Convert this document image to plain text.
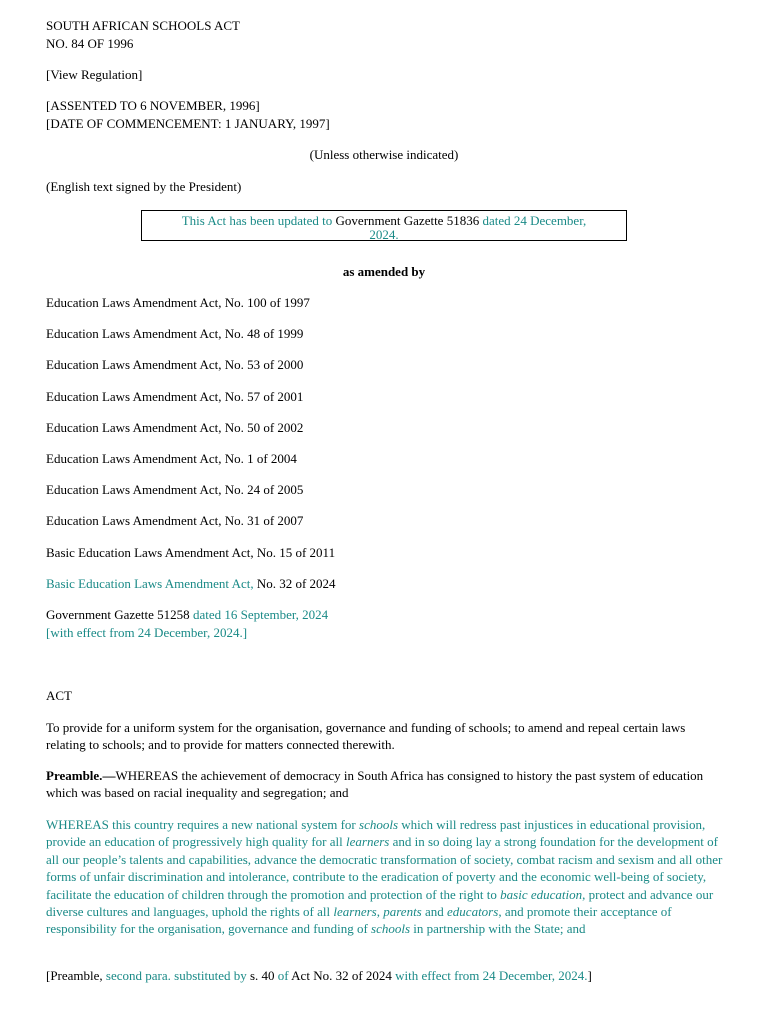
SOUTH AFRICAN SCHOOLS ACT
NO. 84 OF 1996
[View Regulation]
[ASSENTED TO 6 NOVEMBER, 1996]
[DATE OF COMMENCEMENT: 1 JANUARY, 1997]
(Unless otherwise indicated)
(English text signed by the President)
This Act has been updated to Government Gazette 51836 dated 24 December,
2024.
as amended by
Education Laws Amendment Act, No. 100 of 1997
Education Laws Amendment Act, No. 48 of 1999
Education Laws Amendment Act, No. 53 of 2000
Education Laws Amendment Act, No. 57 of 2001
Education Laws Amendment Act, No. 50 of 2002
Education Laws Amendment Act, No. 1 of 2004
Education Laws Amendment Act, No. 24 of 2005
Education Laws Amendment Act, No. 31 of 2007
Basic Education Laws Amendment Act, No. 15 of 2011
Basic Education Laws Amendment Act, No. 32 of 2024
Government Gazette 51258 dated 16 September, 2024
[with effect from 24 December, 2024.]
ACT
To provide for a uniform system for the organisation, governance and funding of schools; to amend and repeal certain laws relating to schools; and to provide for matters connected therewith.
Preamble.—WHEREAS the achievement of democracy in South Africa has consigned to history the past system of education which was based on racial inequality and segregation; and
WHEREAS this country requires a new national system for schools which will redress past injustices in educational provision, provide an education of progressively high quality for all learners and in so doing lay a strong foundation for the development of all our people’s talents and capabilities, advance the democratic transformation of society, combat racism and sexism and all other forms of unfair discrimination and intolerance, contribute to the eradication of poverty and the economic well-being of society, facilitate the education of children through the promotion and protection of the right to basic education, protect and advance our diverse cultures and languages, uphold the rights of all learners, parents and educators, and promote their acceptance of responsibility for the organisation, governance and funding of schools in partnership with the State; and
[Preamble, second para. substituted by s. 40 of Act No. 32 of 2024 with effect from 24 December, 2024.]
